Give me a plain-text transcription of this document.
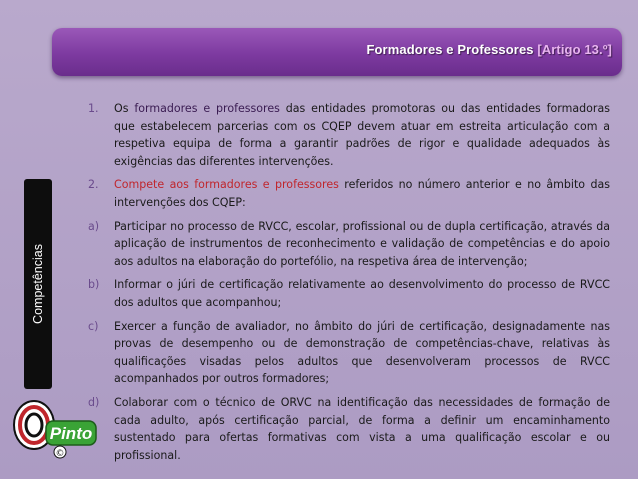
Formadores e Professores [Artigo 13.º]
Competências
Pinto
©
1. Os formadores e professores das entidades promotoras ou das entidades formadoras que estabelecem parcerias com os CQEP devem atuar em estreita articulação com a respetiva equipa de forma a garantir padrões de rigor e qualidade adequados às exigências das diferentes intervenções.
2. Compete aos formadores e professores referidos no número anterior e no âmbito das intervenções dos CQEP:
a) Participar no processo de RVCC, escolar, profissional ou de dupla certificação, através da aplicação de instrumentos de reconhecimento e validação de competências e do apoio aos adultos na elaboração do portefólio, na respetiva área de intervenção;
b) Informar o júri de certificação relativamente ao desenvolvimento do processo de RVCC dos adultos que acompanhou;
c) Exercer a função de avaliador, no âmbito do júri de certificação, designadamente nas provas de desempenho ou de demonstração de competências-chave, relativas às qualificações visadas pelos adultos que desenvolveram processos de RVCC acompanhados por outros formadores;
d) Colaborar com o técnico de ORVC na identificação das necessidades de formação de cada adulto, após certificação parcial, de forma a definir um encaminhamento sustentado para ofertas formativas com vista a uma qualificação escolar e ou profissional.
